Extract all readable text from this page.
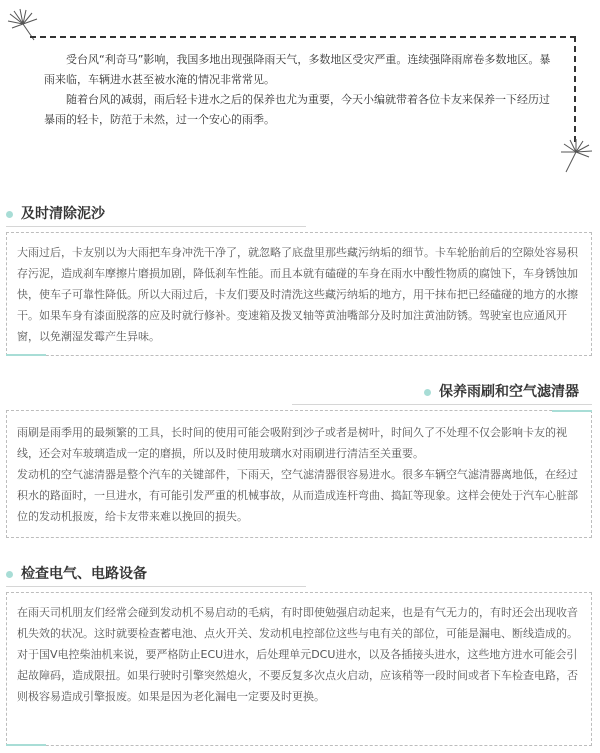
受台风“利奇马”影响，我国多地出现强降雨天气，多数地区受灾严重。连续强降雨席卷多数地区。暴雨来临，车辆进水甚至被水淹的情况非常常见。

随着台风的减弱，雨后轻卡进水之后的保养也尤为重要，今天小编就带着各位卡友来保养一下经历过暴雨的轻卡，防范于未然，过一个安心的雨季。

及时清除泥沙

大雨过后，卡友别以为大雨把车身冲洗干净了，就忽略了底盘里那些藏污纳垢的细节。卡车轮胎前后的空隙处容易积存污泥，造成刹车摩擦片磨损加剧，降低刹车性能。而且本就有磕碰的车身在雨水中酸性物质的腐蚀下，车身锈蚀加快，使车子可靠性降低。所以大雨过后，卡友们要及时清洗这些藏污纳垢的地方，用干抹布把已经磕碰的地方的水擦干。如果车身有漆面脱落的应及时就行修补。变速箱及拨叉轴等黄油嘴部分及时加注黄油防锈。驾驶室也应通风开窗，以免潮湿发霉产生异味。

保养雨刷和空气滤清器

雨刷是雨季用的最频繁的工具，长时间的使用可能会吸附到沙子或者是树叶，时间久了不处理不仅会影响卡友的视线，还会对车玻璃造成一定的磨损，所以及时使用玻璃水对雨刷进行清洁至关重要。

发动机的空气滤清器是整个汽车的关键部件，下雨天，空气滤清器很容易进水。很多车辆空气滤清器离地低，在经过积水的路面时，一旦进水，有可能引发严重的机械事故，从而造成连杆弯曲、捣缸等现象。这样会使处于汽车心脏部位的发动机报废，给卡友带来难以挽回的损失。

检查电气、电路设备

在雨天司机朋友们经常会碰到发动机不易启动的毛病，有时即使勉强启动起来，也是有气无力的，有时还会出现收音机失效的状况。这时就要检查蓄电池、点火开关、发动机电控部位这些与电有关的部位，可能是漏电、断线造成的。对于国V电控柴油机来说，要严格防止ECU进水，后处理单元DCU进水，以及各插接头进水，这些地方进水可能会引起故障码，造成限扭。如果行驶时引擎突然熄火，不要反复多次点火启动，应该稍等一段时间或者下车检查电路，否则极容易造成引擎报废。如果是因为老化漏电一定要及时更换。
